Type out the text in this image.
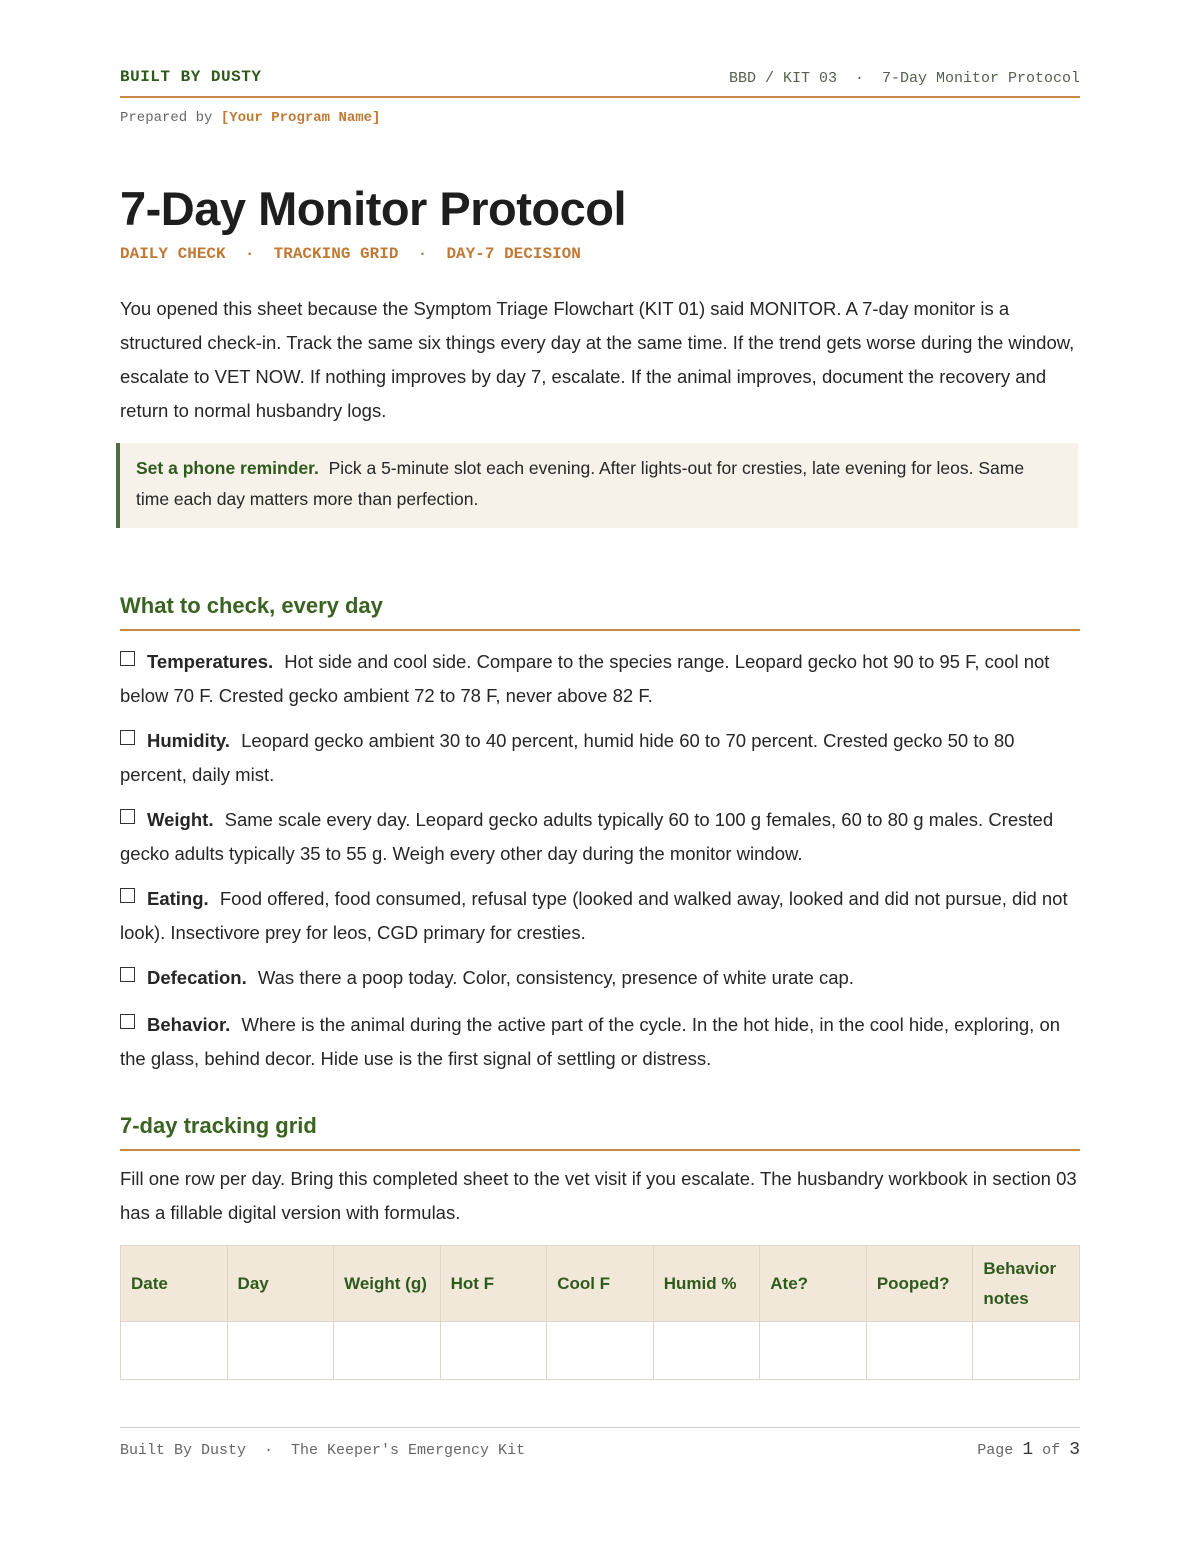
BUILT BY DUSTY	BBD / KIT 03  ·  7-Day Monitor Protocol
Prepared by [Your Program Name]
7-Day Monitor Protocol
DAILY CHECK  ·  TRACKING GRID  ·  DAY-7 DECISION
You opened this sheet because the Symptom Triage Flowchart (KIT 01) said MONITOR. A 7-day monitor is a structured check-in. Track the same six things every day at the same time. If the trend gets worse during the window, escalate to VET NOW. If nothing improves by day 7, escalate. If the animal improves, document the recovery and return to normal husbandry logs.
Set a phone reminder. Pick a 5-minute slot each evening. After lights-out for cresties, late evening for leos. Same time each day matters more than perfection.
What to check, every day
Temperatures. Hot side and cool side. Compare to the species range. Leopard gecko hot 90 to 95 F, cool not below 70 F. Crested gecko ambient 72 to 78 F, never above 82 F.
Humidity. Leopard gecko ambient 30 to 40 percent, humid hide 60 to 70 percent. Crested gecko 50 to 80 percent, daily mist.
Weight. Same scale every day. Leopard gecko adults typically 60 to 100 g females, 60 to 80 g males. Crested gecko adults typically 35 to 55 g. Weigh every other day during the monitor window.
Eating. Food offered, food consumed, refusal type (looked and walked away, looked and did not pursue, did not look). Insectivore prey for leos, CGD primary for cresties.
Defecation. Was there a poop today. Color, consistency, presence of white urate cap.
Behavior. Where is the animal during the active part of the cycle. In the hot hide, in the cool hide, exploring, on the glass, behind decor. Hide use is the first signal of settling or distress.
7-day tracking grid
Fill one row per day. Bring this completed sheet to the vet visit if you escalate. The husbandry workbook in section 03 has a fillable digital version with formulas.
Date	Day	Weight (g)	Hot F	Cool F	Humid %	Ate?	Pooped?	Behavior notes

Built By Dusty  ·  The Keeper's Emergency Kit	Page 1 of 3
